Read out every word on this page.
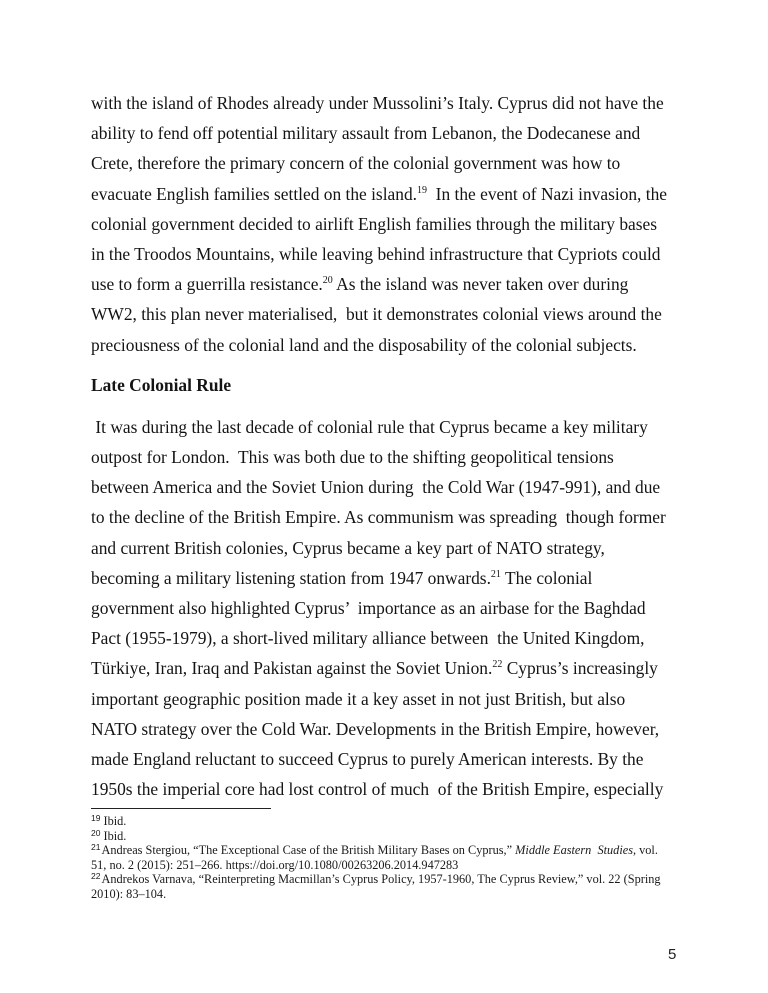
with the island of Rhodes already under Mussolini’s Italy. Cyprus did not have the
ability to fend off potential military assault from Lebanon, the Dodecanese and
Crete, therefore the primary concern of the colonial government was how to
evacuate English families settled on the island.$^{19}$  In the event of Nazi invasion, the
colonial government decided to airlift English families through the military bases
in the Troodos Mountains, while leaving behind infrastructure that Cypriots could
use to form a guerrilla resistance.$^{20}$ As the island was never taken over during
WW2, this plan never materialised,  but it demonstrates colonial views around the
preciousness of the colonial land and the disposability of the colonial subjects.
Late Colonial Rule
It was during the last decade of colonial rule that Cyprus became a key military
outpost for London.  This was both due to the shifting geopolitical tensions
between America and the Soviet Union during  the Cold War (1947-991), and due
to the decline of the British Empire. As communism was spreading  though former
and current British colonies, Cyprus became a key part of NATO strategy,
becoming a military listening station from 1947 onwards.$^{21}$ The colonial
government also highlighted Cyprus’  importance as an airbase for the Baghdad
Pact (1955-1979), a short-lived military alliance between  the United Kingdom,
Türkiye, Iran, Iraq and Pakistan against the Soviet Union.$^{22}$ Cyprus’s increasingly
important geographic position made it a key asset in not just British, but also
NATO strategy over the Cold War. Developments in the British Empire, however,
made England reluctant to succeed Cyprus to purely American interests. By the
1950s the imperial core had lost control of much  of the British Empire, especially
$^{19}$ Ibid.
$^{20}$ Ibid.
$^{21}$Andreas Stergiou, “The Exceptional Case of the British Military Bases on Cyprus,” Middle Eastern  Studies, vol.
51, no. 2 (2015): 251–266. https://doi.org/10.1080/00263206.2014.947283
$^{22}$Andrekos Varnava, “Reinterpreting Macmillan’s Cyprus Policy, 1957-1960, The Cyprus Review,” vol. 22 (Spring
2010): 83–104.
5
